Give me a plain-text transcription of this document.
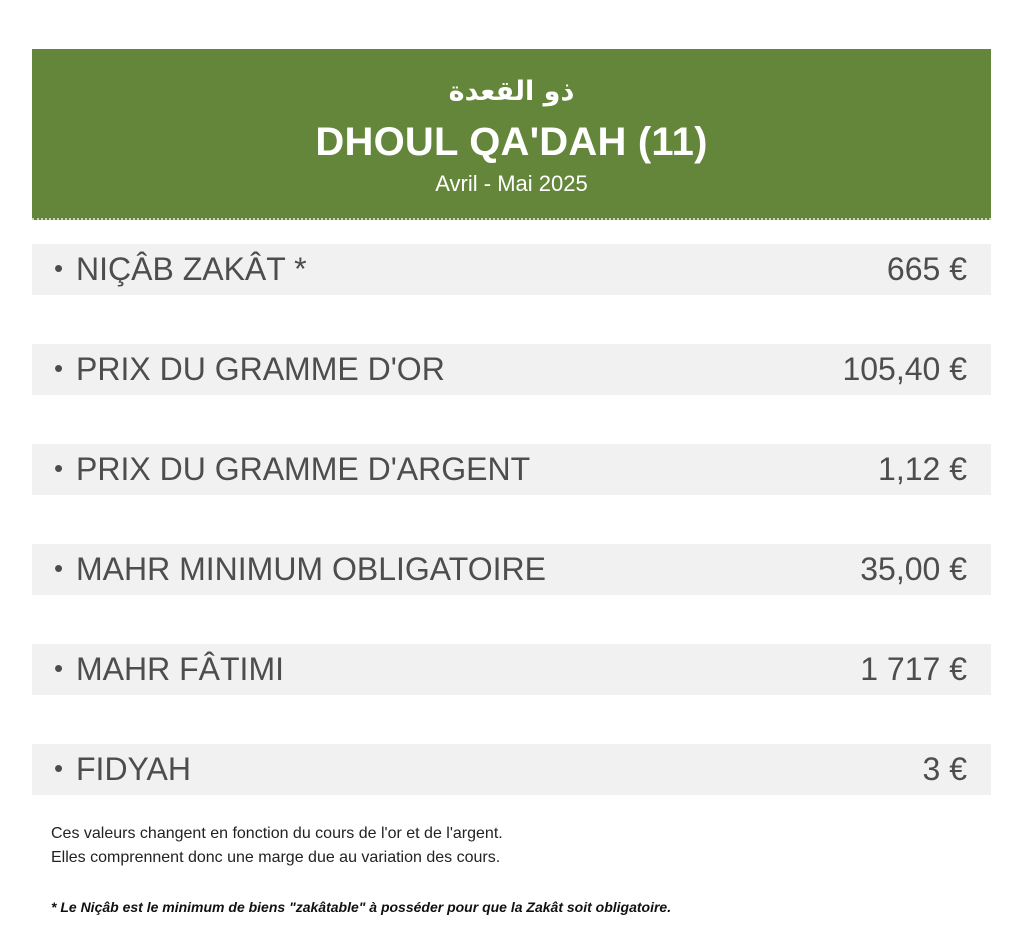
ذو القعدة
DHOUL QA'DAH (11)
Avril - Mai 2025
• NIÇÂB ZAKÂT *	665 €
• PRIX DU GRAMME D'OR	105,40 €
• PRIX DU GRAMME D'ARGENT	1,12 €
• MAHR MINIMUM OBLIGATOIRE	35,00 €
• MAHR FÂTIMI	1 717 €
• FIDYAH	3 €
Ces valeurs changent en fonction du cours de l'or et de l'argent.
Elles comprennent donc une marge due au variation des cours.
* Le Niçâb est le minimum de biens "zakâtable" à posséder pour que la Zakât soit obligatoire.
